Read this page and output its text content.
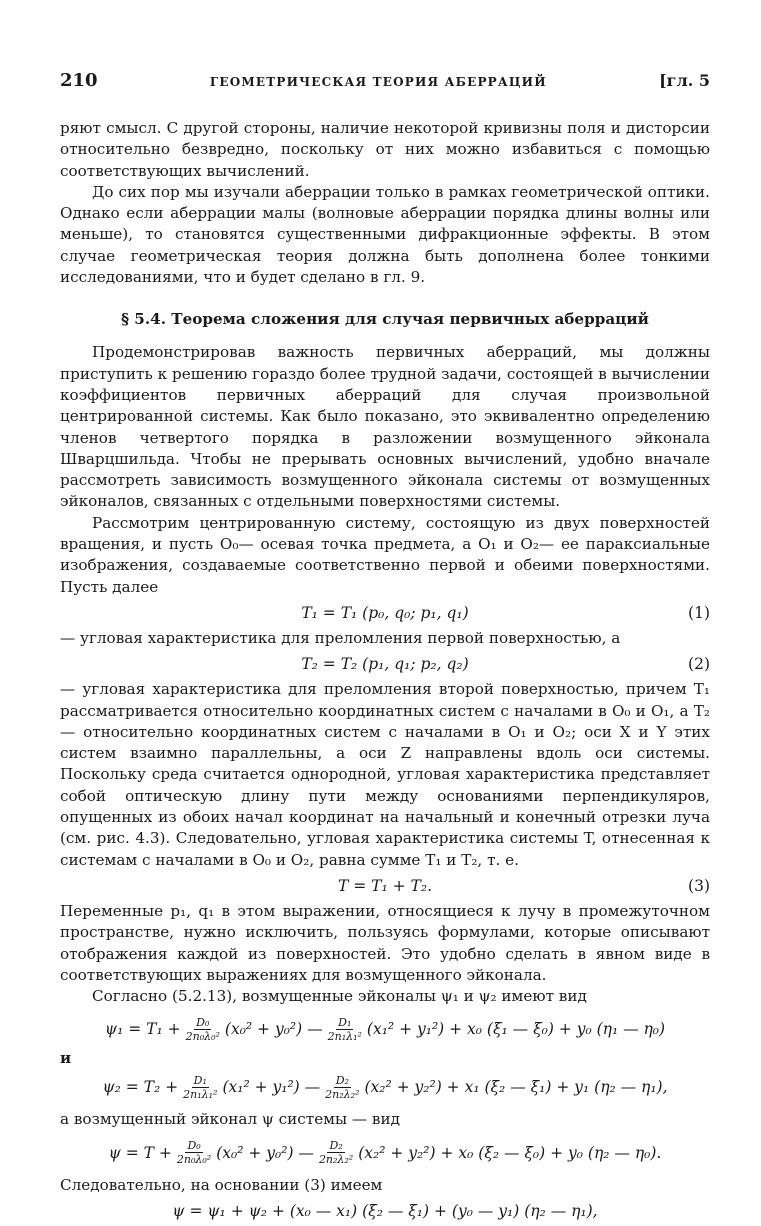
210	ГЕОМЕТРИЧЕСКАЯ ТЕОРИЯ АБЕРРАЦИЙ	[гл. 5

ряют смысл. С другой стороны, наличие некоторой кривизны поля и дисторсии относительно безвредно, поскольку от них можно избавиться с помощью соответствующих вычислений.

До сих пор мы изучали аберрации только в рамках геометрической оптики. Однако если аберрации малы (волновые аберрации порядка длины волны или меньше), то становятся существенными дифракционные эффекты. В этом случае геометрическая теория должна быть дополнена более тонкими исследованиями, что и будет сделано в гл. 9.

§ 5.4. Теорема сложения для случая первичных аберраций

Продемонстрировав важность первичных аберраций, мы должны приступить к решению гораздо более трудной задачи, состоящей в вычислении коэффициентов первичных аберраций для случая произвольной центрированной системы. Как было показано, это эквивалентно определению членов четвертого порядка в разложении возмущенного эйконала Шварцшильда. Чтобы не прерывать основных вычислений, удобно вначале рассмотреть зависимость возмущенного эйконала системы от возмущенных эйконалов, связанных с отдельными поверхностями системы.

Рассмотрим центрированную систему, состоящую из двух поверхностей вращения, и пусть O₀— осевая точка предмета, а O₁ и O₂— ее параксиальные изображения, создаваемые соответственно первой и обеими поверхностями. Пусть далее

T₁ = T₁ (p₀, q₀; p₁, q₁)	(1)

— угловая характеристика для преломления первой поверхностью, а

T₂ = T₂ (p₁, q₁; p₂, q₂)	(2)

— угловая характеристика для преломления второй поверхностью, причем T₁ рассматривается относительно координатных систем с началами в O₀ и O₁, а T₂— относительно координатных систем с началами в O₁ и O₂; оси X и Y этих систем взаимно параллельны, а оси Z направлены вдоль оси системы. Поскольку среда считается однородной, угловая характеристика представляет собой оптическую длину пути между основаниями перпендикуляров, опущенных из обоих начал координат на начальный и конечный отрезки луча (см. рис. 4.3). Следовательно, угловая характеристика системы T, отнесенная к системам с началами в O₀ и O₂, равна сумме T₁ и T₂, т. е.

T = T₁ + T₂.	(3)

Переменные p₁, q₁ в этом выражении, относящиеся к лучу в промежуточном пространстве, нужно исключить, пользуясь формулами, которые описывают отображения каждой из поверхностей. Это удобно сделать в явном виде в соответствующих выражениях для возмущенного эйконала.

Согласно (5.2.13), возмущенные эйконалы ψ₁ и ψ₂ имеют вид

$\psi_1 = T_1 + \frac{\text{D₀}}{\text{2n₀λ₀²}} (x_0^2 + y_0^2)$ — $\frac{\text{D₁}}{\text{2n₁λ₁²}} (x_1^2 + y_1^2) + x_0$ (ξ₁ — ξ₀) + y₀ (η₁ — η₀)
и
$\psi_2 = T_2 + \frac{\text{D₁}}{\text{2n₁λ₁²}} (x_1^2 + y_1^2)$ — $\frac{\text{D₂}}{\text{2n₂λ₂²}} (x_2^2 + y_2^2) + x_1$ (ξ₂ — ξ₁) + y₁ (η₂ — η₁),

а возмущенный эйконал ψ системы — вид

$\psi = T + \frac{\text{D₀}}{\text{2n₀λ₀²}} (x_0^2 + y_0^2)$ — $\frac{\text{D₂}}{\text{2n₂λ₂²}} (x_2^2 + y_2^2) + x_0$ (ξ₂ — ξ₀) + y₀ (η₂ — η₀).

Следовательно, на основании (3) имеем

ψ = ψ₁ + ψ₂ + (x₀ — x₁) (ξ₂ — ξ₁) + (y₀ — y₁) (η₂ — η₁),
